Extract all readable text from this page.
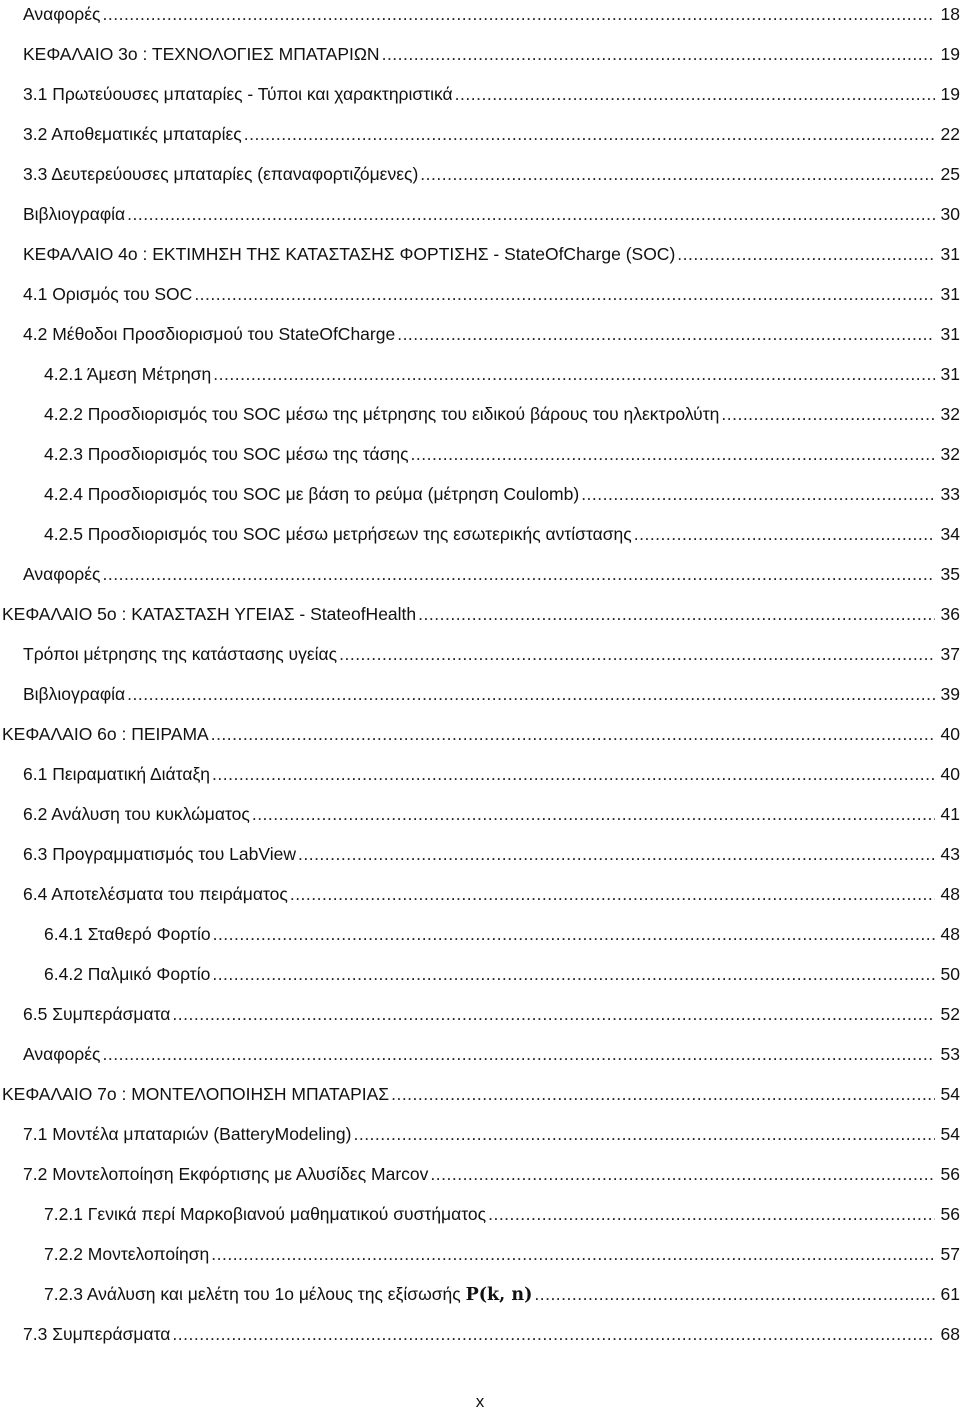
Αναφορές .....	18
ΚΕΦΑΛΑΙΟ 3ο : ΤΕΧΝΟΛΟΓΙΕΣ ΜΠΑΤΑΡΙΩΝ .....	19
3.1 Πρωτεύουσες μπαταρίες - Τύποι και χαρακτηριστικά .....	19
3.2 Αποθεματικές μπαταρίες .....	22
3.3 Δευτερεύουσες μπαταρίες (επαναφορτιζόμενες) .....	25
Βιβλιογραφία .....	30
ΚΕΦΑΛΑΙΟ 4ο : ΕΚΤΙΜΗΣΗ ΤΗΣ ΚΑΤΑΣΤΑΣΗΣ ΦΟΡΤΙΣΗΣ - StateOfCharge (SOC) .....	31
4.1 Ορισμός του SOC .....	31
4.2 Μέθοδοι Προσδιορισμού του StateOfCharge .....	31
4.2.1 Άμεση Μέτρηση .....	31
4.2.2 Προσδιορισμός του SOC μέσω της μέτρησης του ειδικού βάρους του ηλεκτρολύτη .....	32
4.2.3 Προσδιορισμός του SOC μέσω της τάσης .....	32
4.2.4 Προσδιορισμός του SOC με βάση το ρεύμα (μέτρηση Coulomb) .....	33
4.2.5 Προσδιορισμός του SOC μέσω μετρήσεων της εσωτερικής αντίστασης .....	34
Αναφορές .....	35
ΚΕΦΑΛΑΙΟ 5ο : ΚΑΤΑΣΤΑΣΗ ΥΓΕΙΑΣ - StateofHealth .....	36
Τρόποι μέτρησης της κατάστασης υγείας .....	37
Βιβλιογραφία .....	39
ΚΕΦΑΛΑΙΟ 6ο : ΠΕΙΡΑΜΑ .....	40
6.1 Πειραματική Διάταξη .....	40
6.2 Ανάλυση του κυκλώματος .....	41
6.3 Προγραμματισμός του LabView .....	43
6.4 Αποτελέσματα του πειράματος .....	48
6.4.1 Σταθερό Φορτίο .....	48
6.4.2 Παλμικό Φορτίο .....	50
6.5 Συμπεράσματα .....	52
Αναφορές .....	53
ΚΕΦΑΛΑΙΟ 7ο : ΜΟΝΤΕΛΟΠΟΙΗΣΗ ΜΠΑΤΑΡΙΑΣ .....	54
7.1 Μοντέλα μπαταριών (BatteryModeling) .....	54
7.2 Μοντελοποίηση Εκφόρτισης με Αλυσίδες Marcov .....	56
7.2.1 Γενικά περί Μαρκοβιανού μαθηματικού συστήματος .....	56
7.2.2 Μοντελοποίηση .....	57
7.2.3 Ανάλυση και μελέτη του 1ο μέλους της εξίσωσής P(k, n) .....	61
7.3 Συμπεράσματα .....	68
x
